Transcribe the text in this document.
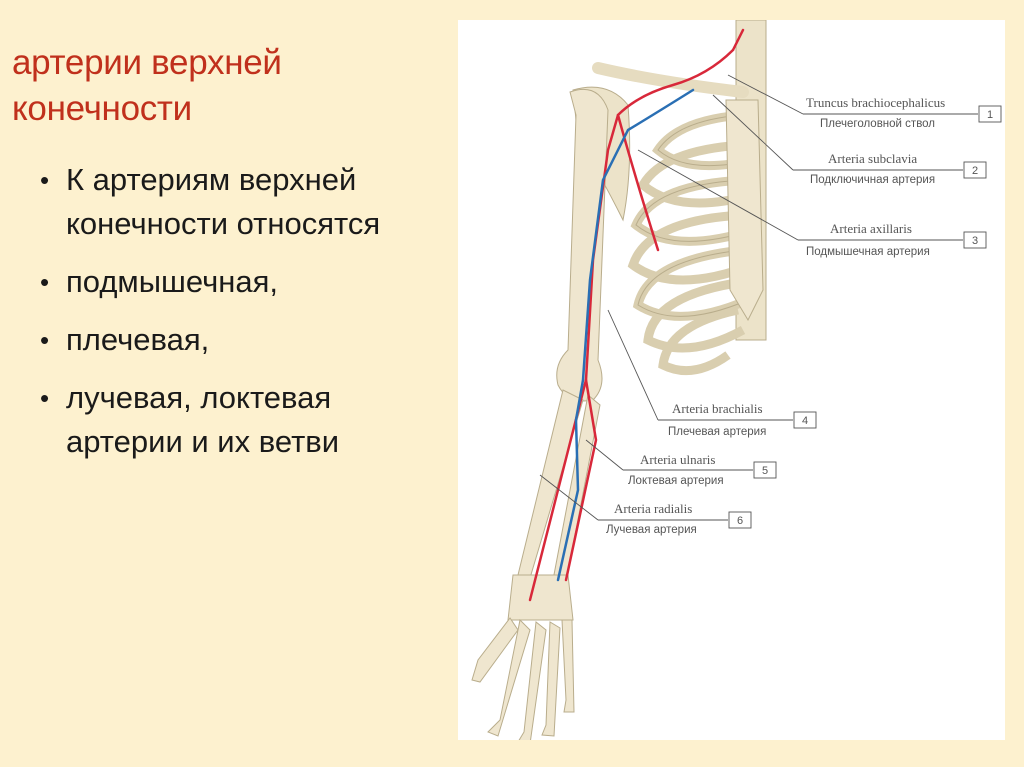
артерии верхней
конечности
• К артериям верхней конечности относятся
• подмышечная,
• плечевая,
• лучевая, локтевая артерии и их ветви
Truncus brachiocephalicus
Плечеголовной ствол
1
Arteria subclavia
Подключичная артерия
2
Arteria axillaris
Подмышечная артерия
3
Arteria brachialis
Плечевая артерия
4
Arteria ulnaris
Локтевая артерия
5
Arteria radialis
Лучевая артерия
6
